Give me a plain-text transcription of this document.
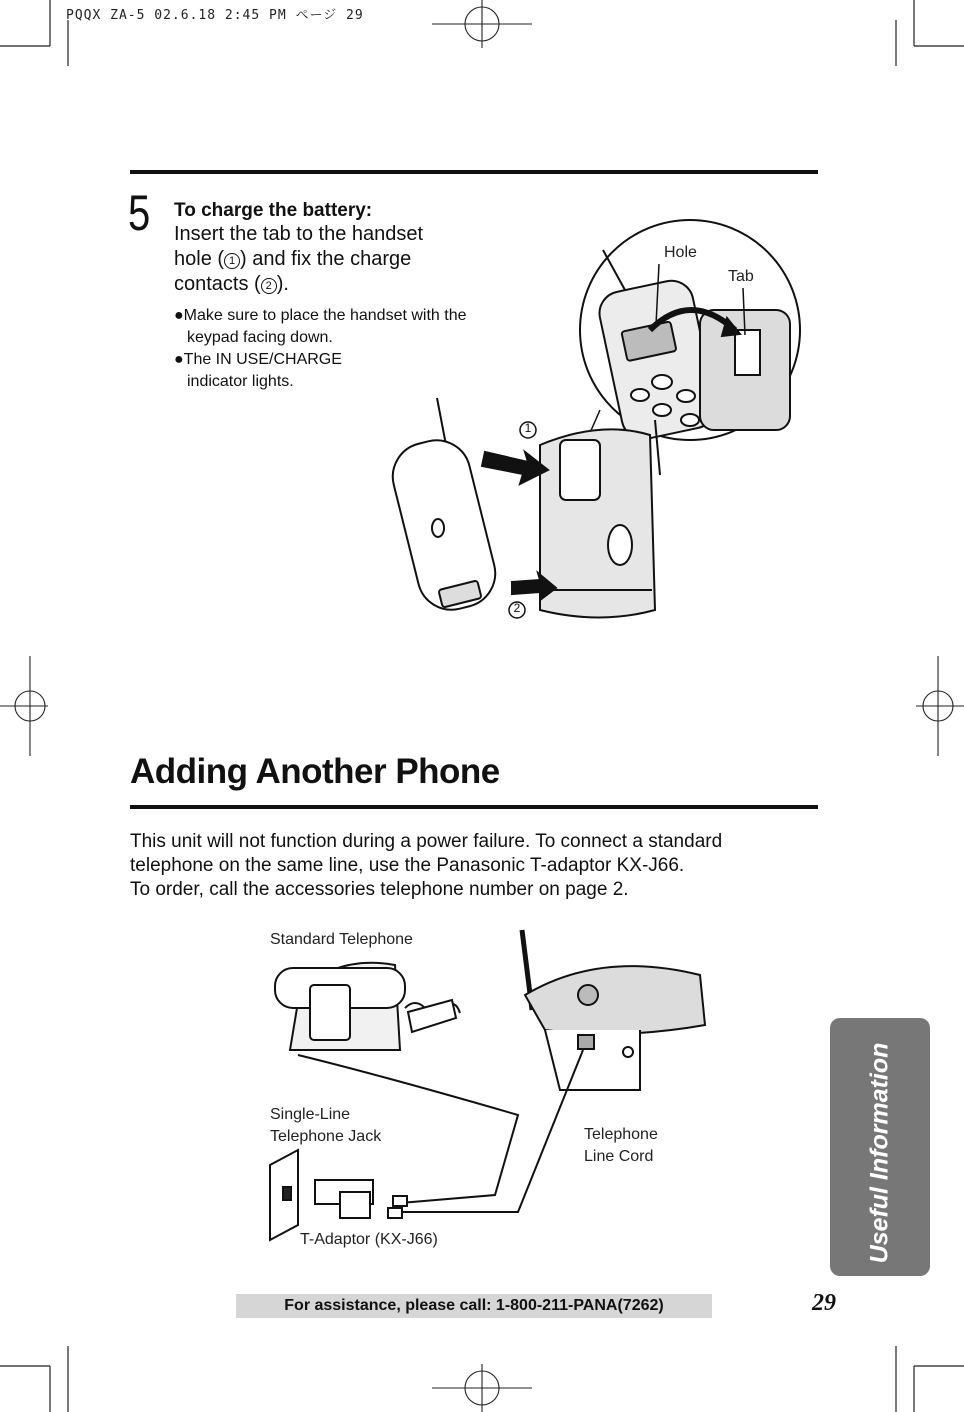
PQQX ZA-5 02.6.18 2:45 PM ページ 29
5 To charge the battery:
Insert the tab to the handset
hole ( 1 ) and fix the charge
contacts ( 2 ).
●Make sure to place the handset with the keypad facing down.
●The IN USE/CHARGE indicator lights.
Hole
Tab
1
2
Adding Another Phone
This unit will not function during a power failure. To connect a standard
telephone on the same line, use the Panasonic T-adaptor KX-J66.
To order, call the accessories telephone number on page 2.
Standard Telephone
Single-Line
Telephone Jack	Telephone
Line Cord
T-Adaptor (KX-J66)	Useful Information
For assistance, please call: 1-800-211-PANA(7262)	29
